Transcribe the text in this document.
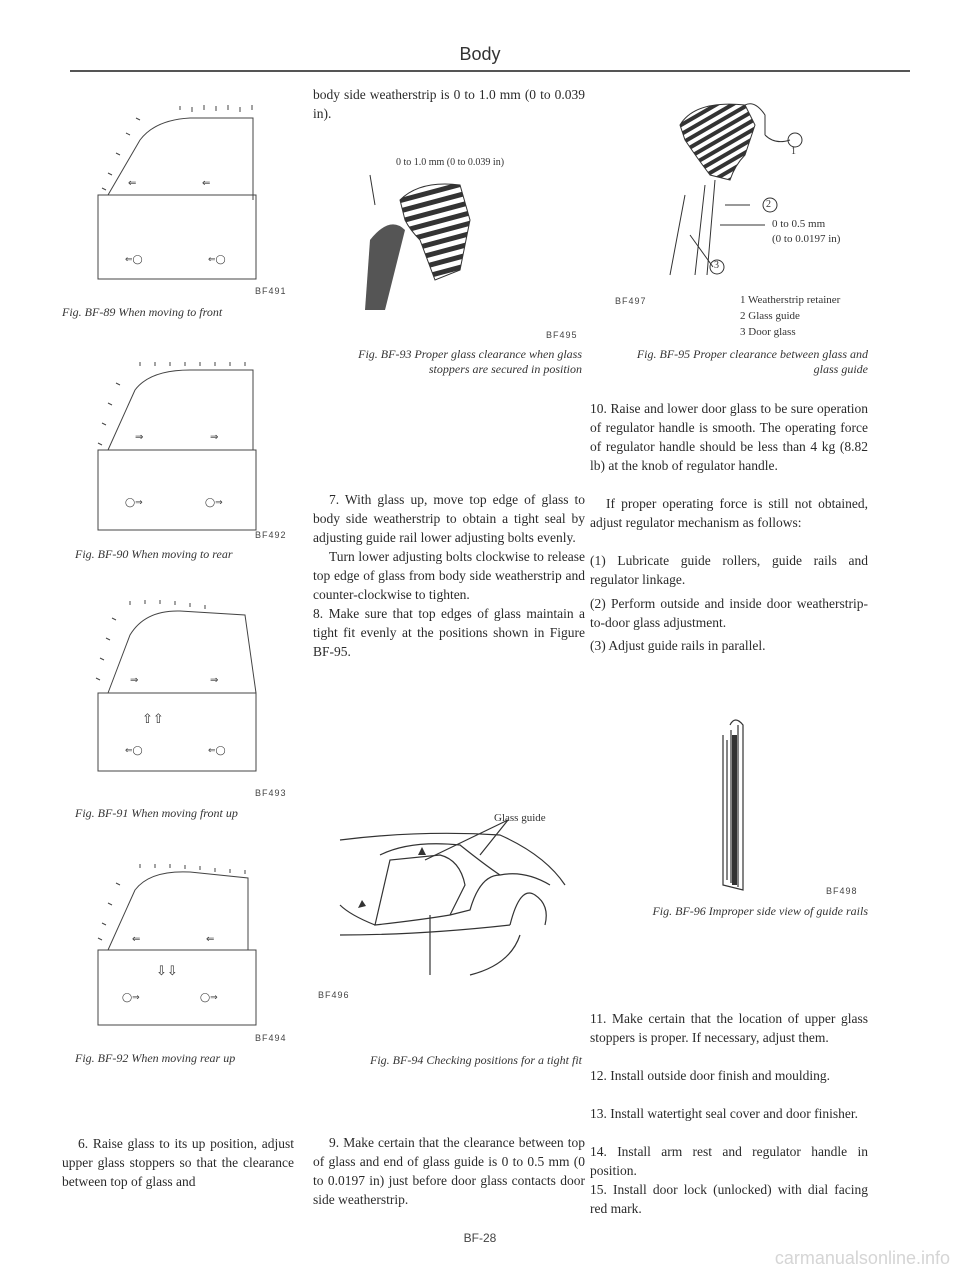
Body
⇐	⇐
⇐◯	⇐◯
BF491
Fig. BF-89 When moving to front
⇒	⇒
◯⇒	◯⇒
BF492
Fig. BF-90 When moving to rear
⇒	⇒
⇧⇧
⇐◯	⇐◯
BF493
Fig. BF-91 When moving front up
⇐	⇐
⇩⇩
◯⇒	◯⇒
BF494
Fig. BF-92 When moving rear up

6. Raise glass to its up position, adjust upper glass stoppers so that the clearance between top of glass and

body side weatherstrip is 0 to 1.0 mm (0 to 0.039 in).

0 to 1.0 mm (0 to 0.039 in)
BF495
Fig. BF-93 Proper glass clearance when glass stoppers are secured in position

7. With glass up, move top edge of glass to body side weatherstrip to obtain a tight seal by adjusting guide rail lower adjusting bolts evenly.

Turn lower adjusting bolts clockwise to release top edge of glass from body side weatherstrip and counter-clockwise to tighten.

8. Make sure that top edges of glass maintain a tight fit evenly at the positions shown in Figure BF-95.

Glass guide
BF496
Fig. BF-94 Checking positions for a tight fit

9. Make certain that the clearance between top of glass and end of glass guide is 0 to 0.5 mm (0 to 0.0197 in) just before door glass contacts door side weatherstrip.

1
2
3
0 to 0.5 mm
(0 to 0.0197 in)
BF497	1 Weatherstrip retainer
2 Glass guide
3 Door glass
Fig. BF-95 Proper clearance between glass and glass guide

10. Raise and lower door glass to be sure operation of regulator handle is smooth. The operating force of regulator handle should be less than 4 kg (8.82 lb) at the knob of regulator handle.

If proper operating force is still not obtained, adjust regulator mechanism as follows:

(1) Lubricate guide rollers, guide rails and regulator linkage.

(2) Perform outside and inside door weatherstrip-to-door glass adjustment.

(3) Adjust guide rails in parallel.

BF498
Fig. BF-96 Improper side view of guide rails

11. Make certain that the location of upper glass stoppers is proper. If necessary, adjust them.

12. Install outside door finish and moulding.

13. Install watertight seal cover and door finisher.

14. Install arm rest and regulator handle in position.

15. Install door lock (unlocked) with dial facing red mark.

BF-28
carmanualsonline.info
